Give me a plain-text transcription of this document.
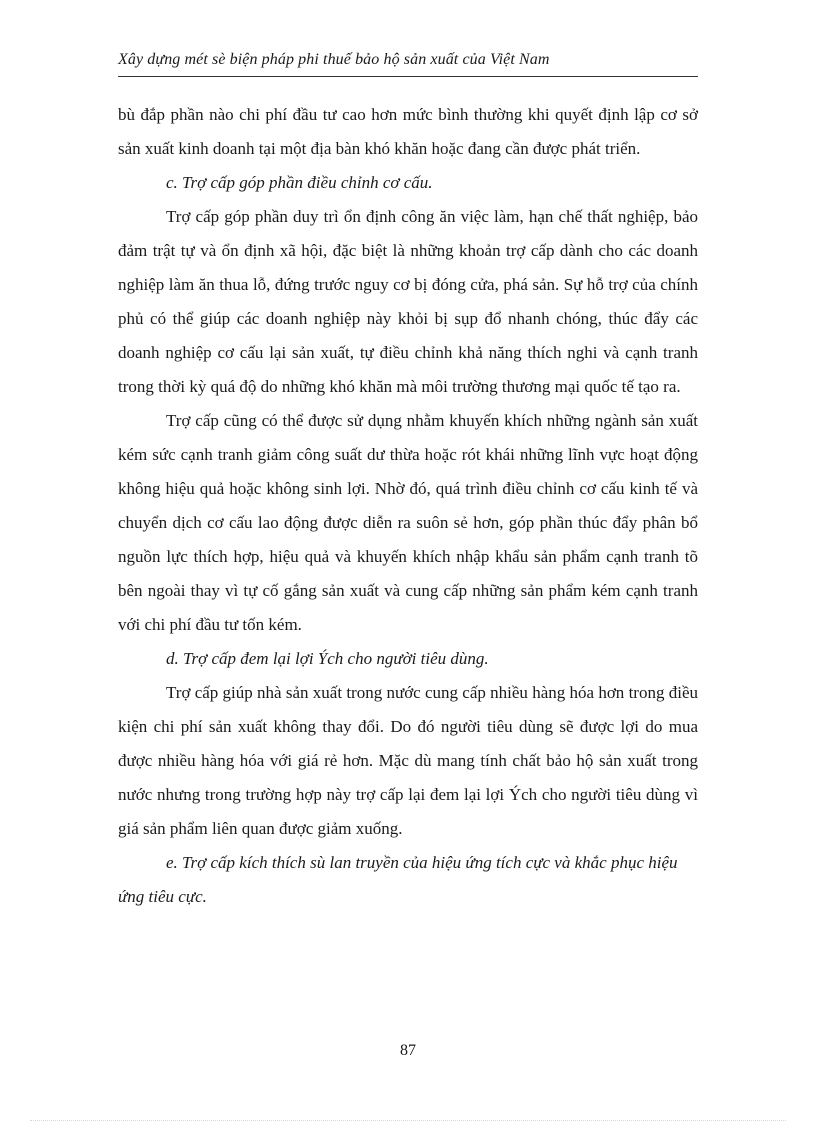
Xây dựng mét sè biện pháp phi thuế bảo hộ sản xuất của Việt Nam

bù đắp phần nào chi phí đầu tư cao hơn mức bình thường khi quyết định lập cơ sở sản xuất kinh doanh tại một địa bàn khó khăn hoặc đang cần được phát triển.

c. Trợ cấp góp phần điều chỉnh cơ cấu.

Trợ cấp góp phần duy trì ổn định công ăn việc làm, hạn chế thất nghiệp, bảo đảm trật tự và ổn định xã hội, đặc biệt là những khoản trợ cấp dành cho các doanh nghiệp làm ăn thua lỗ, đứng trước nguy cơ bị đóng cửa, phá sản. Sự hỗ trợ của chính phủ có thể giúp các doanh nghiệp này khỏi bị sụp đổ nhanh chóng, thúc đẩy các doanh nghiệp cơ cấu lại sản xuất, tự điều chỉnh khả năng thích nghi và cạnh tranh trong thời kỳ quá độ do những khó khăn mà môi trường thương mại quốc tế tạo ra.

Trợ cấp cũng có thể được sử dụng nhằm khuyến khích những ngành sản xuất kém sức cạnh tranh giảm công suất dư thừa hoặc rót khái những lĩnh vực hoạt động không hiệu quả hoặc không sinh lợi. Nhờ đó, quá trình điều chỉnh cơ cấu kinh tế và chuyển dịch cơ cấu lao động được diễn ra suôn sẻ hơn, góp phần thúc đẩy phân bổ nguồn lực thích hợp, hiệu quả và khuyến khích nhập khẩu sản phẩm cạnh tranh tõ bên ngoài thay vì tự cố gắng sản xuất và cung cấp những sản phẩm kém cạnh tranh với chi phí đầu tư tốn kém.

d. Trợ cấp đem lại lợi Ých cho người tiêu dùng.

Trợ cấp giúp nhà sản xuất trong nước cung cấp nhiều hàng hóa hơn trong điều kiện chi phí sản xuất không thay đổi. Do đó người tiêu dùng sẽ được lợi do mua được nhiều hàng hóa với giá rẻ hơn. Mặc dù mang tính chất bảo hộ sản xuất trong nước nhưng trong trường hợp này trợ cấp lại đem lại lợi Ých cho người tiêu dùng vì giá sản phẩm liên quan được giảm xuống.

e. Trợ cấp kích thích sù lan truyền của hiệu ứng tích cực và khắc phục hiệu ứng tiêu cực.

87
